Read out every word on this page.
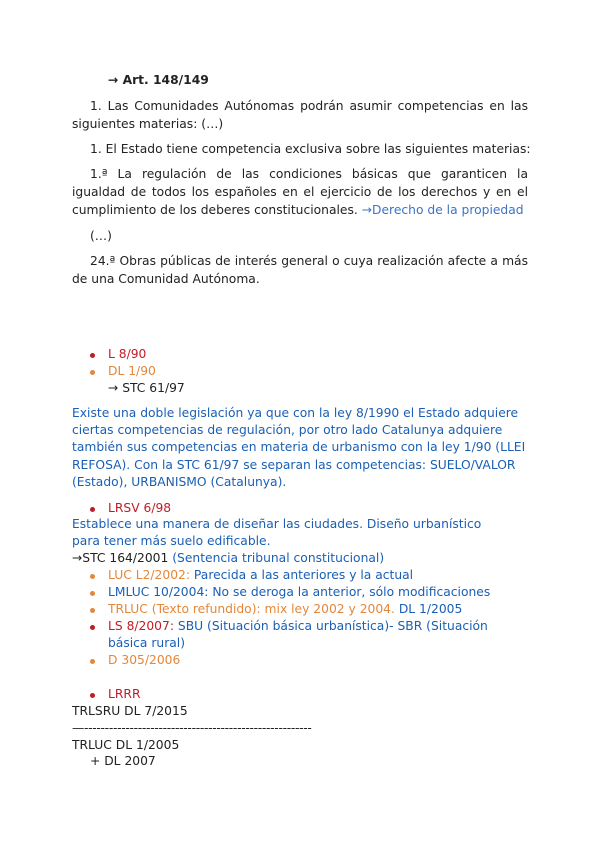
→ Art. 148/149
1. Las Comunidades Autónomas podrán asumir competencias en las siguientes materias: (…)
1. El Estado tiene competencia exclusiva sobre las siguientes materias:
1.ª La regulación de las condiciones básicas que garanticen la igualdad de todos los españoles en el ejercicio de los derechos y en el cumplimiento de los deberes constitucionales. →Derecho de la propiedad
(…)
24.ª Obras públicas de interés general o cuya realización afecte a más de una Comunidad Autónoma.
L 8/90
DL 1/90
→ STC 61/97
Existe una doble legislación ya que con la ley 8/1990 el Estado adquiere ciertas competencias de regulación, por otro lado Catalunya adquiere también sus competencias en materia de urbanismo con la ley 1/90 (LLEI REFOSA). Con la STC 61/97 se separan las competencias: SUELO/VALOR (Estado), URBANISMO (Catalunya).
LRSV 6/98
Establece una manera de diseñar las ciudades. Diseño urbanístico para tener más suelo edificable.
→STC 164/2001 (Sentencia tribunal constitucional)
LUC L2/2002: Parecida a las anteriores y la actual
LMLUC 10/2004: No se deroga la anterior, sólo modificaciones
TRLUC (Texto refundido): mix ley 2002 y 2004. DL 1/2005
LS 8/2007: SBU (Situación básica urbanística)- SBR (Situación
básica rural)
D 305/2006
LRRR
TRLSRU DL 7/2015
—-------------------------------------------------------
TRLUC DL 1/2005
+ DL 2007
